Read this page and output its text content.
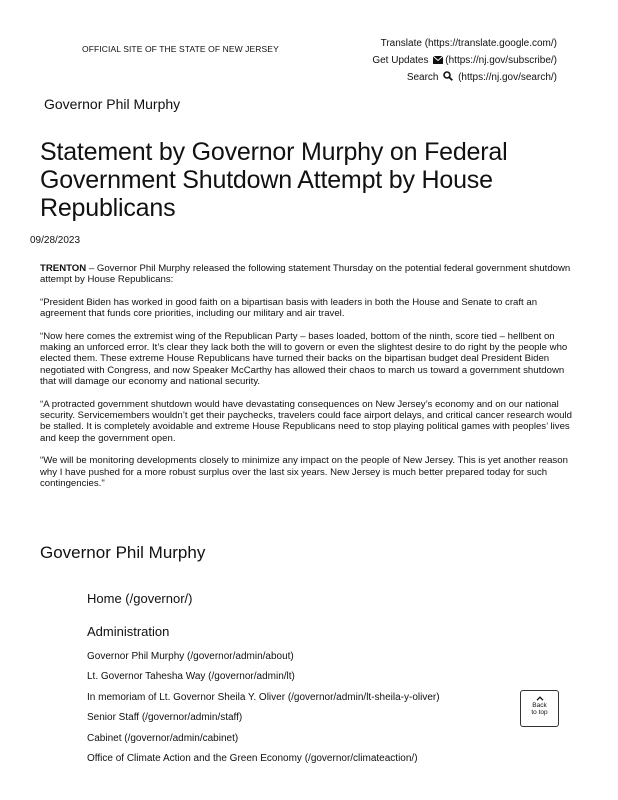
OFFICIAL SITE OF THE STATE OF NEW JERSEY	Translate (https://translate.google.com/)
Get Updates (https://nj.gov/subscribe/)
Search (https://nj.gov/search/)
Governor Phil Murphy
Statement by Governor Murphy on Federal Government Shutdown Attempt by House Republicans
09/28/2023

TRENTON – Governor Phil Murphy released the following statement Thursday on the potential federal government shutdown attempt by House Republicans:

“President Biden has worked in good faith on a bipartisan basis with leaders in both the House and Senate to craft an agreement that funds core priorities, including our military and air travel.

“Now here comes the extremist wing of the Republican Party – bases loaded, bottom of the ninth, score tied – hellbent on making an unforced error. It’s clear they lack both the will to govern or even the slightest desire to do right by the people who elected them. These extreme House Republicans have turned their backs on the bipartisan budget deal President Biden negotiated with Congress, and now Speaker McCarthy has allowed their chaos to march us toward a government shutdown that will damage our economy and national security.

“A protracted government shutdown would have devastating consequences on New Jersey’s economy and on our national security. Servicemembers wouldn’t get their paychecks, travelers could face airport delays, and critical cancer research would be stalled. It is completely avoidable and extreme House Republicans need to stop playing political games with peoples’ lives and keep the government open.

“We will be monitoring developments closely to minimize any impact on the people of New Jersey. This is yet another reason why I have pushed for a more robust surplus over the last six years. New Jersey is much better prepared today for such contingencies."

Governor Phil Murphy
Home (/governor/)
Administration
Governor Phil Murphy (/governor/admin/about)
Lt. Governor Tahesha Way (/governor/admin/lt)
In memoriam of Lt. Governor Sheila Y. Oliver (/governor/admin/lt-sheila-y-oliver)
Senior Staff (/governor/admin/staff)
Cabinet (/governor/admin/cabinet)
Office of Climate Action and the Green Economy (/governor/climateaction/)
Back
to top
